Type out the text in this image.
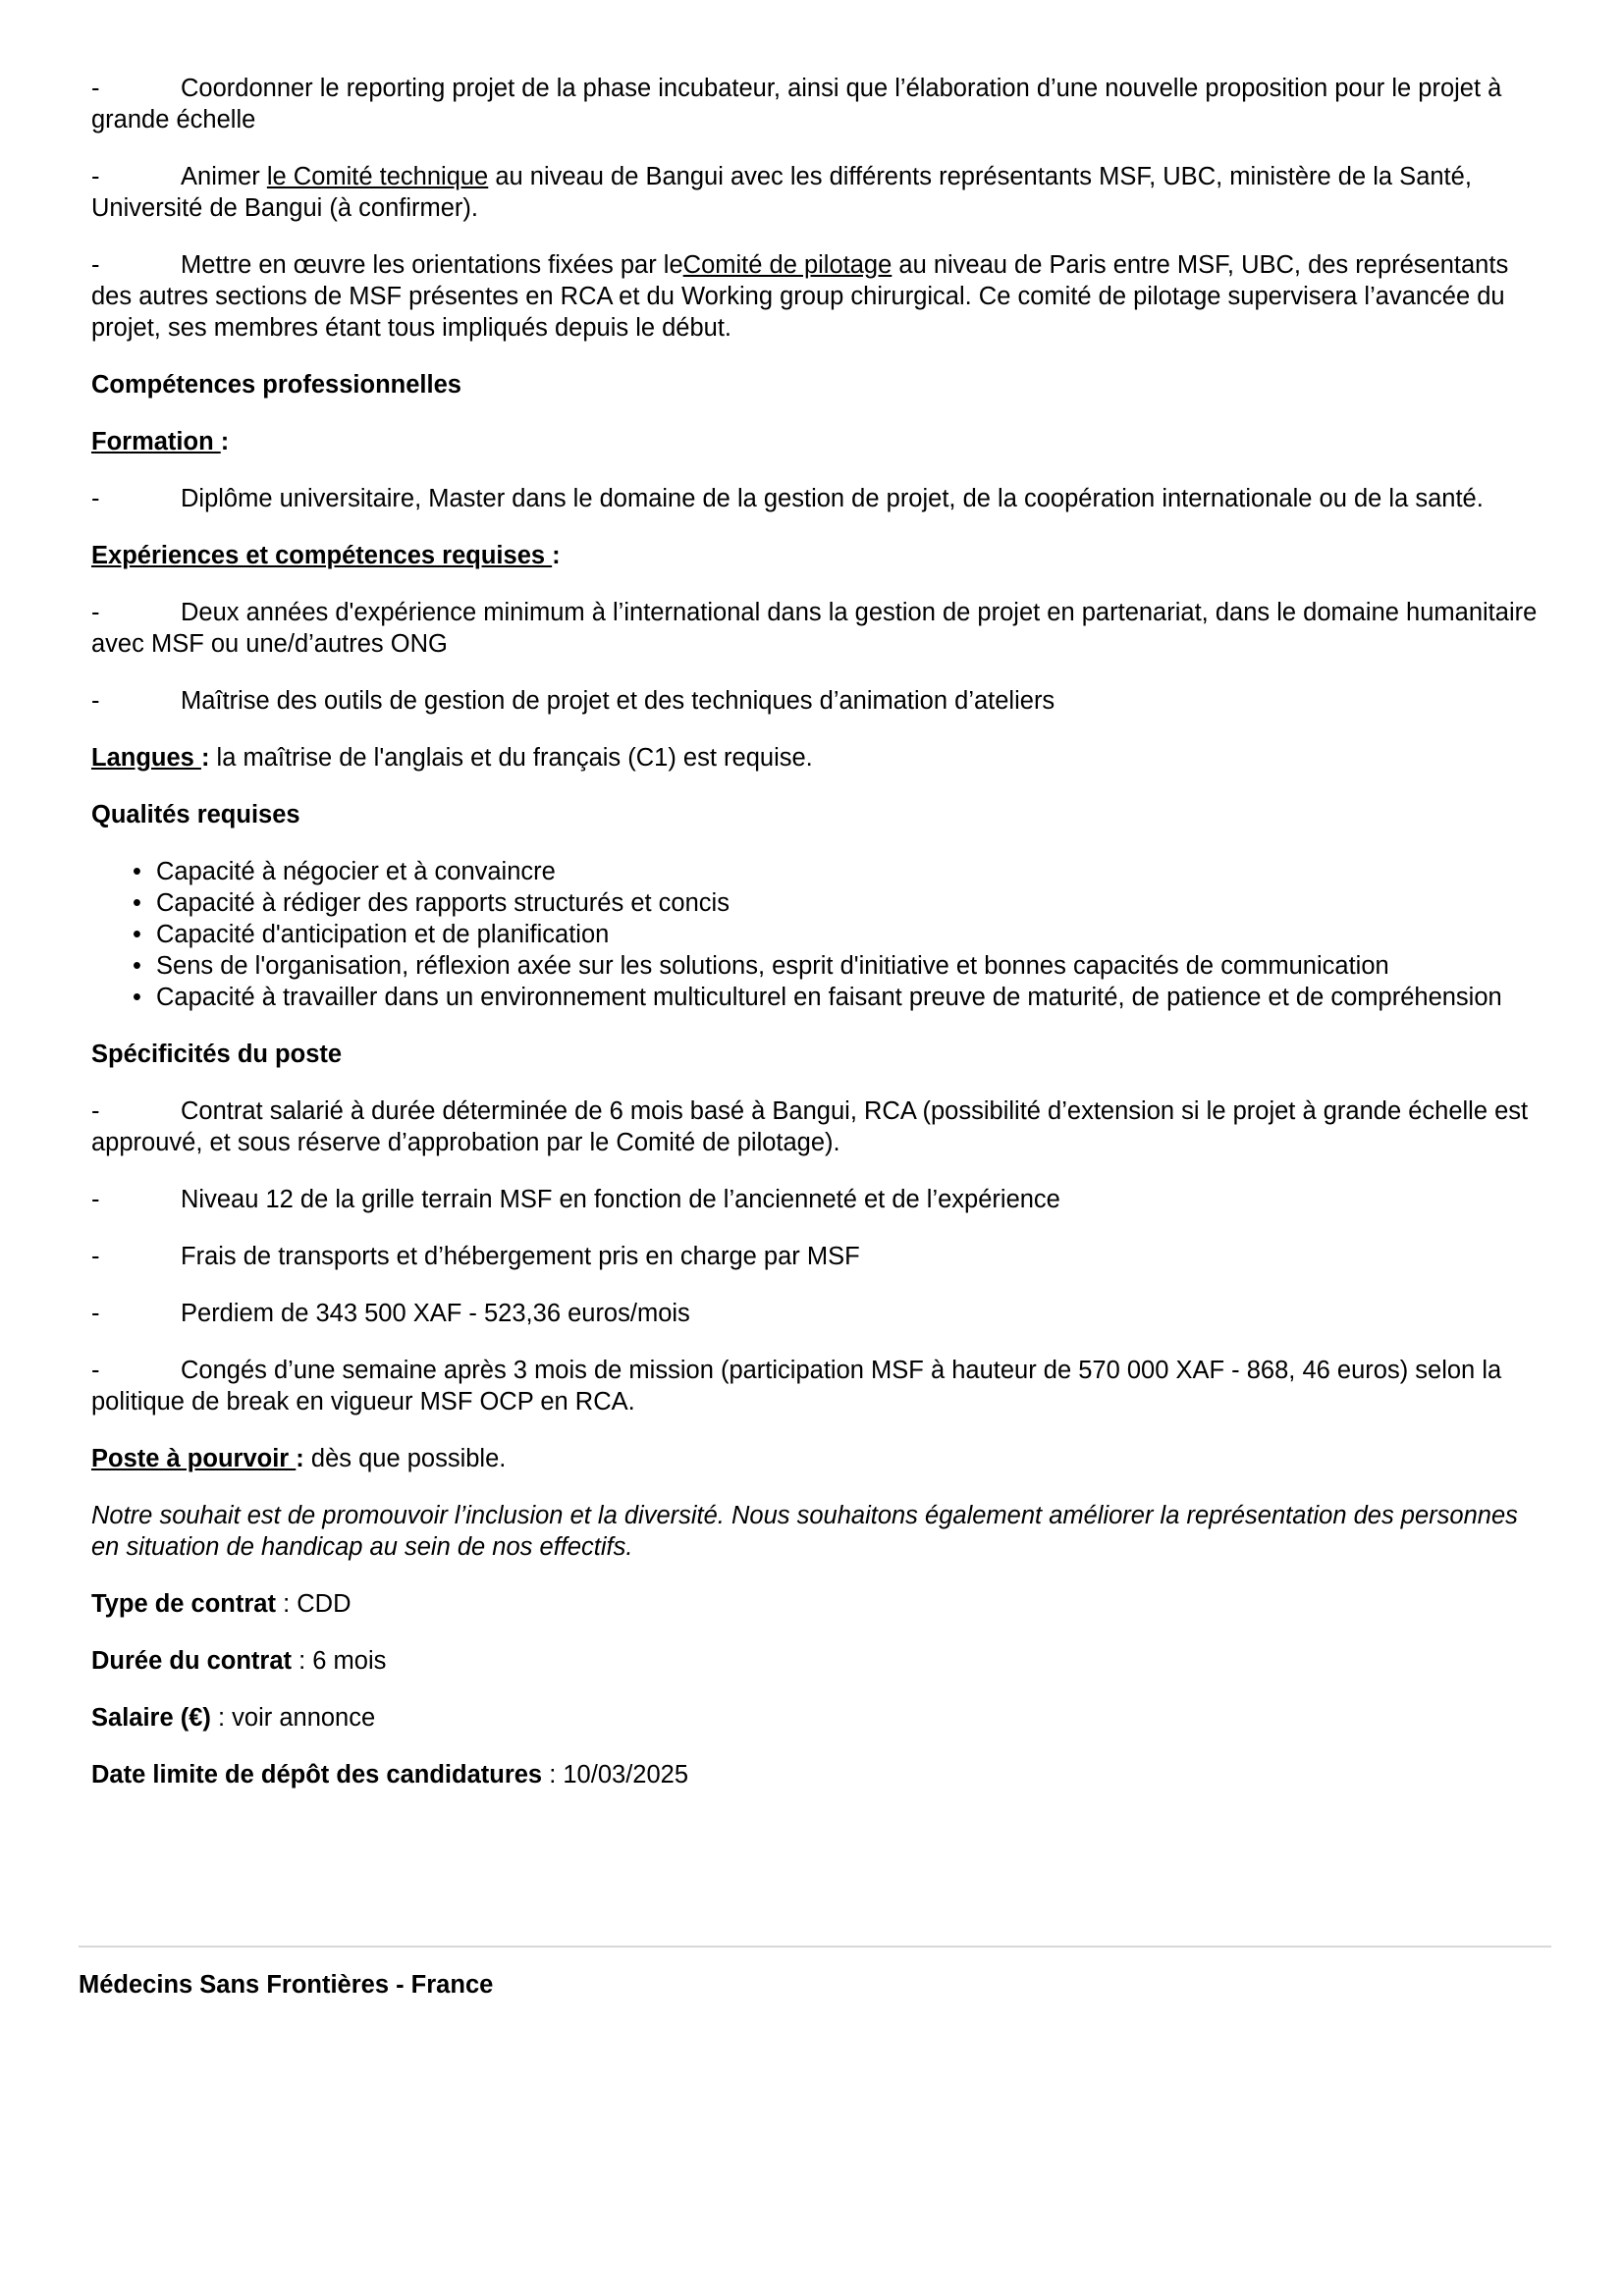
-	Coordonner le reporting projet de la phase incubateur, ainsi que l’élaboration d’une nouvelle proposition pour le projet à grande échelle

-	Animer le Comité technique au niveau de Bangui avec les différents représentants MSF, UBC, ministère de la Santé, Université de Bangui (à confirmer).

-	Mettre en œuvre les orientations fixées par leComité de pilotage au niveau de Paris entre MSF, UBC, des représentants des autres sections de MSF présentes en RCA et du Working group chirurgical. Ce comité de pilotage supervisera l’avancée du projet, ses membres étant tous impliqués depuis le début.

Compétences professionnelles

Formation :

-	Diplôme universitaire, Master dans le domaine de la gestion de projet, de la coopération internationale ou de la santé.

Expériences et compétences requises :

-	Deux années d'expérience minimum à l’international dans la gestion de projet en partenariat, dans le domaine humanitaire avec MSF ou une/d’autres ONG

-	Maîtrise des outils de gestion de projet et des techniques d’animation d’ateliers

Langues : la maîtrise de l'anglais et du français (C1) est requise.

Qualités requises

• Capacité à négocier et à convaincre
• Capacité à rédiger des rapports structurés et concis
• Capacité d'anticipation et de planification
• Sens de l'organisation, réflexion axée sur les solutions, esprit d'initiative et bonnes capacités de communication
• Capacité à travailler dans un environnement multiculturel en faisant preuve de maturité, de patience et de compréhension

Spécificités du poste

-	Contrat salarié à durée déterminée de 6 mois basé à Bangui, RCA (possibilité d’extension si le projet à grande échelle est approuvé, et sous réserve d’approbation par le Comité de pilotage).

-	Niveau 12 de la grille terrain MSF en fonction de l’ancienneté et de l’expérience

-	Frais de transports et d’hébergement pris en charge par MSF

-	Perdiem de 343 500 XAF - 523,36 euros/mois

-	Congés d’une semaine après 3 mois de mission (participation MSF à hauteur de 570 000 XAF - 868, 46 euros) selon la politique de break en vigueur MSF OCP en RCA.

Poste à pourvoir : dès que possible.

Notre souhait est de promouvoir l’inclusion et la diversité. Nous souhaitons également améliorer la représentation des personnes en situation de handicap au sein de nos effectifs.

Type de contrat : CDD

Durée du contrat : 6 mois

Salaire (€) : voir annonce

Date limite de dépôt des candidatures : 10/03/2025

Médecins Sans Frontières - France
